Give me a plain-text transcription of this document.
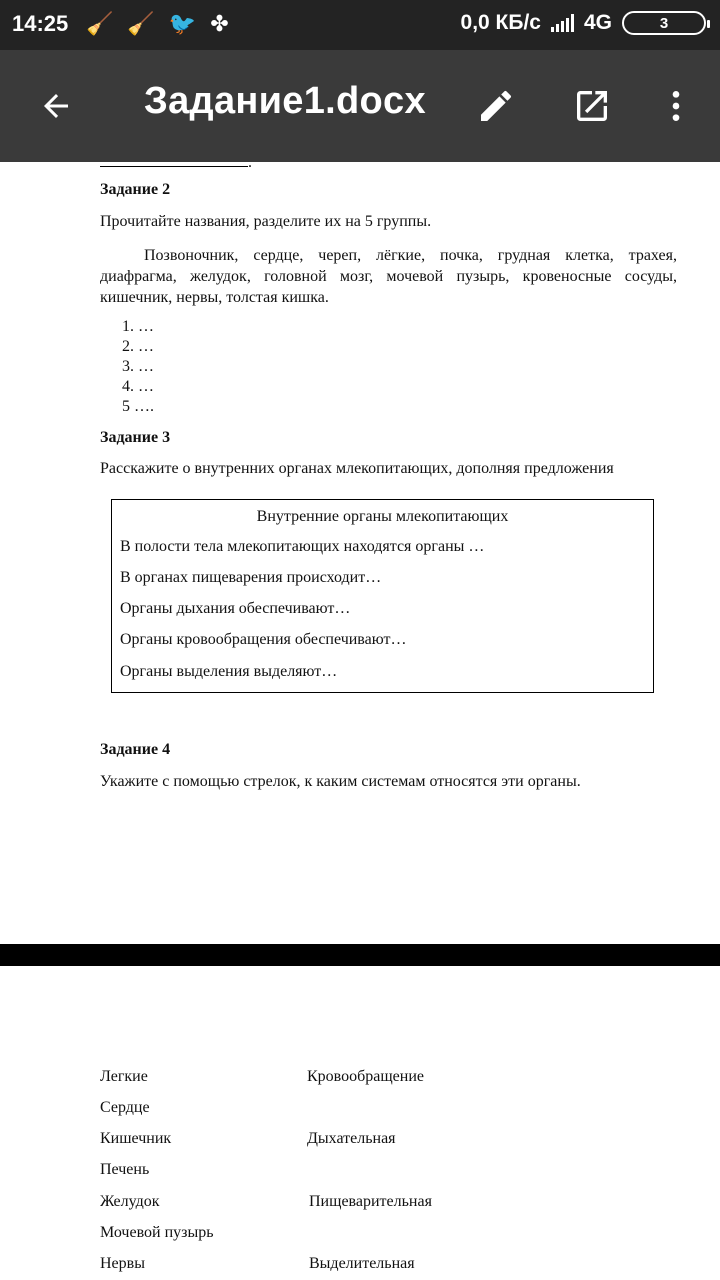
14:25 🧹 🧹 🐦 ✤	0,0 КБ/с 4G	3
Задание1.docx
.
Задание 2
Прочитайте названия, разделите их на 5 группы.
Позвоночник, сердце, череп, лёгкие, почка, грудная клетка, трахея, диафрагма, желудок, головной мозг, мочевой пузырь, кровеносные сосуды, кишечник, нервы, толстая кишка.
1. …
2. …
3. …
4. …
5 ….
Задание 3
Расскажите о внутренних органах млекопитающих, дополняя предложения
Внутренние органы млекопитающих
В полости тела млекопитающих находятся органы …
В органах пищеварения происходит…
Органы дыхания обеспечивают…
Органы кровообращения обеспечивают…
Органы выделения выделяют…
Задание 4
Укажите с помощью стрелок, к каким системам относятся эти органы.
Легкие
Сердце
Кишечник
Печень
Желудок
Мочевой пузырь
Нервы
Кровообращение
Дыхательная
Пищеварительная
Выделительная
